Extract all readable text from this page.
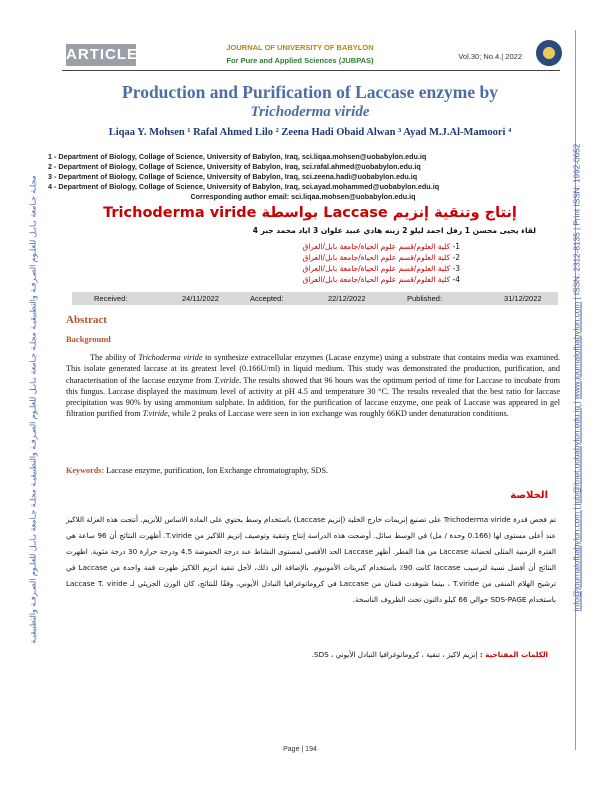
ARTICLE	JOURNAL OF UNIVERSITY OF BABYLON
For Pure and Applied Sciences (JUBPAS)	Vol.30; No.4.| 2022
Production and Purification of Laccase enzyme by
Trichoderma viride
Liqaa Y. Mohsen ¹ Rafal Ahmed Lilo ² Zeena Hadi Obaid Alwan ³ Ayad M.J.Al-Mamoori ⁴
1 - Department of Biology, Collage of Science, University of Babylon, Iraq, sci.liqaa.mohsen@uobabylon.edu.iq
2 - Department of Biology, Collage of Science, University of Babylon, Iraq, sci.rafal.ahmed@uobabylon.edu.iq
3 - Department of Biology, Collage of Science, University of Babylon, Iraq, sci.zeena.hadi@uobabylon.edu.iq
4 - Department of Biology, Collage of Science, University of Babylon, Iraq, sci.ayad.mohammed@uobabylon.edu.iq
Corresponding author email: sci.liqaa.mohsen@uobabylon.edu.iq
إنتاج وتنقية إنزيم Laccase بواسطة Trichoderma viride
لقاء يحيى محسن 1 رفل احمد ليلو 2 زينه هادي عبيد علوان 3 اياد محمد جبر 4
1- كلية العلوم/قسم علوم الحياة/جامعة بابل/العراق
2- كلية العلوم/قسم علوم الحياة/جامعة بابل/العراق
3- كلية العلوم/قسم علوم الحياة/جامعة بابل/العراق
4- كلية العلوم/قسم علوم الحياة/جامعة بابل/العراق
Received:	24/11/2022	Accepted:	22/12/2022	Published:	31/12/2022
Abstract
Background
The ability of Trichoderma viride to synthesize extracellular enzymes (Lacase enzyme) using a substrate that contains media was examined. This isolate generated laccase at its greatest level (0.166U/ml) in liquid medium. This study was demonstrated the production, purification, and characterisation of the laccase enzyme from T.viride. The results showed that 96 hours was the optimum period of time for Laccase to incubate from this fungus. Laccase displayed the maximum level of activity at pH 4.5 and temperature 30 °C. The results revealed that the best ratio for laccase precipitation was 90% by using ammonium sulphate. In addition, for the purification of laccase enzyme, one peak of Laccase was appeared in gel filtration purified from T.viride, while 2 peaks of Laccase were seen in ion exchange was roughly 66KD under denaturation conditions.
Keywords: Laccase enzyme, purification, Ion Exchange chromatography, SDS.
الخلاصة
تم فحص قدرة Trichoderma viride على تصنيع إنزيمات خارج الخلية (إنزيم Laccase) باستخدام وسط يحتوي على المادة الاساس للأنزيم. أنتجت هذه العزلة اللاكيز عند أعلى مستوى لها (0.166 وحدة / مل) في الوسط سائل. أوضحت هذه الدراسة إنتاج وتنقية وتوصيف إنزيم اللاكيز من T.viride. أظهرت النتائج أن 96 ساعة هي الفترة الزمنية المثلى لحضانة Laccase من هذا الفطر. أظهر Laccase الحد الأقصى لمستوى النشاط عند درجة الحموضة 4.5 ودرجة حرارة 30 درجة مئوية. اظهرت النتائج أن أفضل نسبة لترسيب laccase كانت 90٪ باستخدام كبريتات الأمونيوم. بالإضافة الى ذلك، لأجل تنقية انزيم اللاكيز ظهرت قمة واحدة من Laccase في ترشيح الهلام المنقى من T.viride ، بينما شوهدت قمتان من Laccase في كروماتوغرافيا التبادل الأيوني، وفقًا للنتائج، كان الوزن الجزيئي لـ Laccase T. viride باستخدام SDS-PAGE حوالي 66 كيلو دالتون تحت الظروف الناسخة.
الكلمات المفتاحية : إنزيم لاكيز ، تنقية ، كروماتوغرافيا التبادل الأيوني ، SDS.
Page | 194
مجلـة جـامعة بـابـل للعلـوم الصـرفـة والتطبيقيـة مجلـة جـامعة بـابـل للعلـوم الصـرفـة والتطبيقيـة مجلـة جـامعة بـابـل للعلـوم الصـرفـة والتطبيقيـة	info@journalofbabylon.com | jub@itnet.uobabylon.edu.iq | www.journalofbabylon.com | ISSN: 2312-8135 | Print ISSN: 1992-0652
